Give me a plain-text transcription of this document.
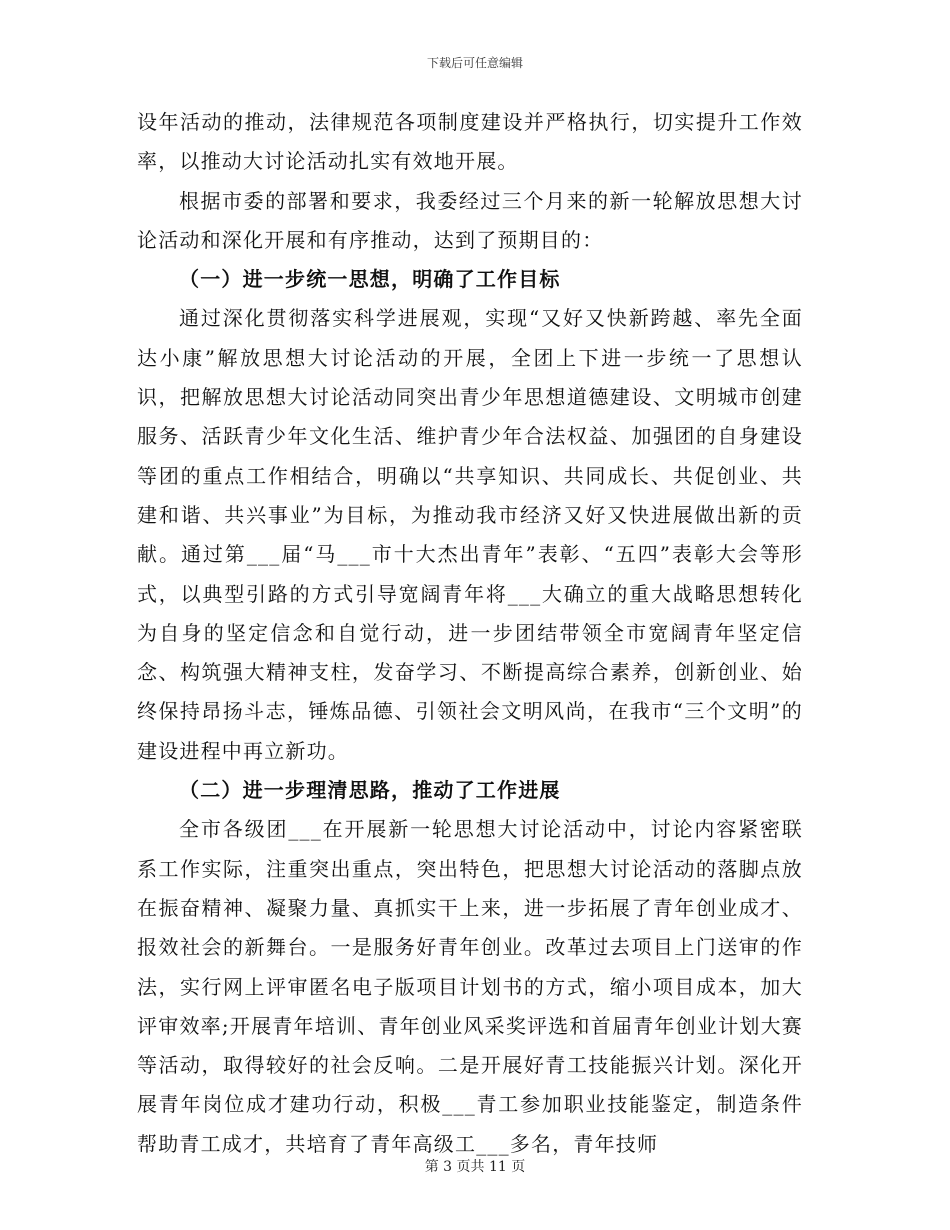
下载后可任意编辑

设年活动的推动，法律规范各项制度建设并严格执行，切实提升工作效率，以推动大讨论活动扎实有效地开展。

根据市委的部署和要求，我委经过三个月来的新一轮解放思想大讨论活动和深化开展和有序推动，达到了预期目的：

（一）进一步统一思想，明确了工作目标

通过深化贯彻落实科学进展观，实现“又好又快新跨越、率先全面达小康”解放思想大讨论活动的开展，全团上下进一步统一了思想认识，把解放思想大讨论活动同突出青少年思想道德建设、文明城市创建服务、活跃青少年文化生活、维护青少年合法权益、加强团的自身建设等团的重点工作相结合，明确以“共享知识、共同成长、共促创业、共建和谐、共兴事业”为目标，为推动我市经济又好又快进展做出新的贡献。通过第___届“马___市十大杰出青年”表彰、“五四”表彰大会等形式，以典型引路的方式引导宽阔青年将___大确立的重大战略思想转化为自身的坚定信念和自觉行动，进一步团结带领全市宽阔青年坚定信念、构筑强大精神支柱，发奋学习、不断提高综合素养，创新创业、始终保持昂扬斗志，锤炼品德、引领社会文明风尚，在我市“三个文明”的建设进程中再立新功。

（二）进一步理清思路，推动了工作进展

全市各级团___在开展新一轮思想大讨论活动中，讨论内容紧密联系工作实际，注重突出重点，突出特色，把思想大讨论活动的落脚点放在振奋精神、凝聚力量、真抓实干上来，进一步拓展了青年创业成才、报效社会的新舞台。一是服务好青年创业。改革过去项目上门送审的作法，实行网上评审匿名电子版项目计划书的方式，缩小项目成本，加大评审效率;开展青年培训、青年创业风采奖评选和首届青年创业计划大赛等活动，取得较好的社会反响。二是开展好青工技能振兴计划。深化开展青年岗位成才建功行动，积极___青工参加职业技能鉴定，制造条件帮助青工成才，共培育了青年高级工___多名，青年技师

第 3 页共 11 页
